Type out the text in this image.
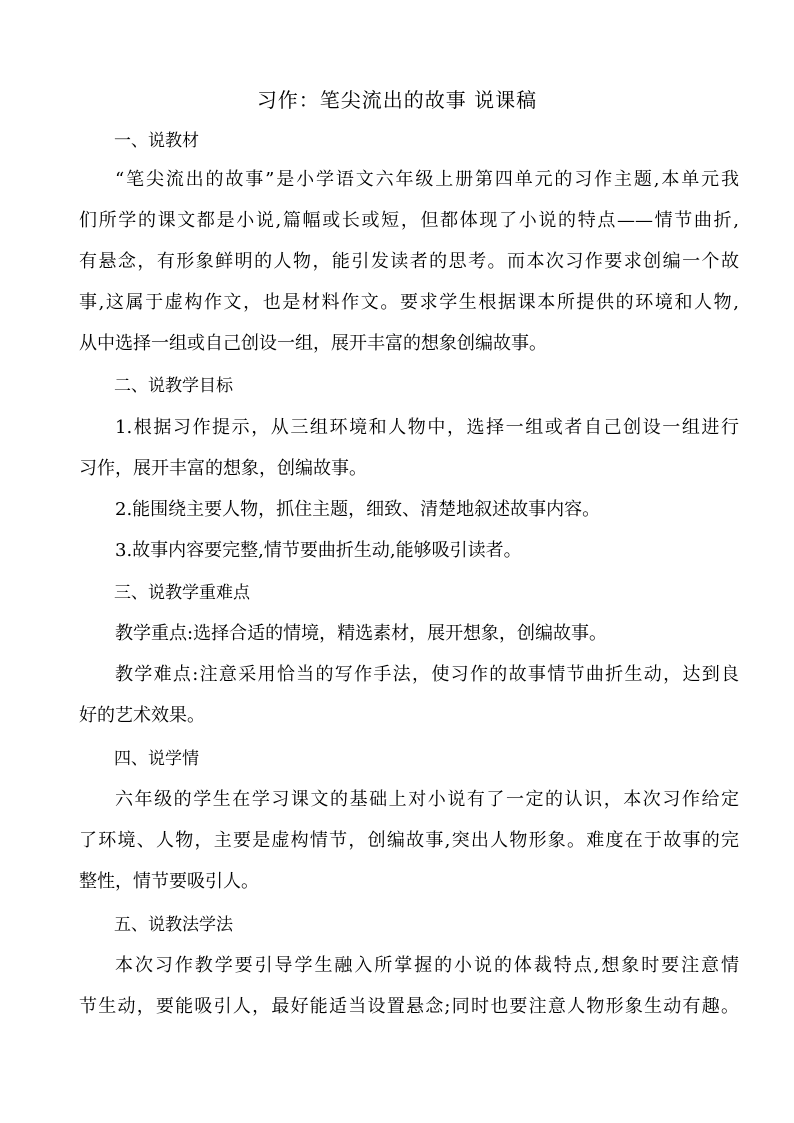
习作：笔尖流出的故事 说课稿
一、说教材
“笔尖流出的故事”是小学语文六年级上册第四单元的习作主题,本单元我
们所学的课文都是小说,篇幅或长或短，但都体现了小说的特点——情节曲折,
有悬念，有形象鲜明的人物，能引发读者的思考。而本次习作要求创编一个故
事,这属于虚构作文，也是材料作文。要求学生根据课本所提供的环境和人物,
从中选择一组或自己创设一组，展开丰富的想象创编故事。
二、说教学目标
1.根据习作提示，从三组环境和人物中，选择一组或者自己创设一组进行
习作，展开丰富的想象，创编故事。
2.能围绕主要人物，抓住主题，细致、清楚地叙述故事内容。
3.故事内容要完整,情节要曲折生动,能够吸引读者。
三、说教学重难点
教学重点:选择合适的情境，精选素材，展开想象，创编故事。
教学难点:注意采用恰当的写作手法，使习作的故事情节曲折生动，达到良
好的艺术效果。
四、说学情
六年级的学生在学习课文的基础上对小说有了一定的认识，本次习作给定
了环境、人物，主要是虚构情节，创编故事,突出人物形象。难度在于故事的完
整性，情节要吸引人。
五、说教法学法
本次习作教学要引导学生融入所掌握的小说的体裁特点,想象时要注意情
节生动，要能吸引人，最好能适当设置悬念;同时也要注意人物形象生动有趣。
